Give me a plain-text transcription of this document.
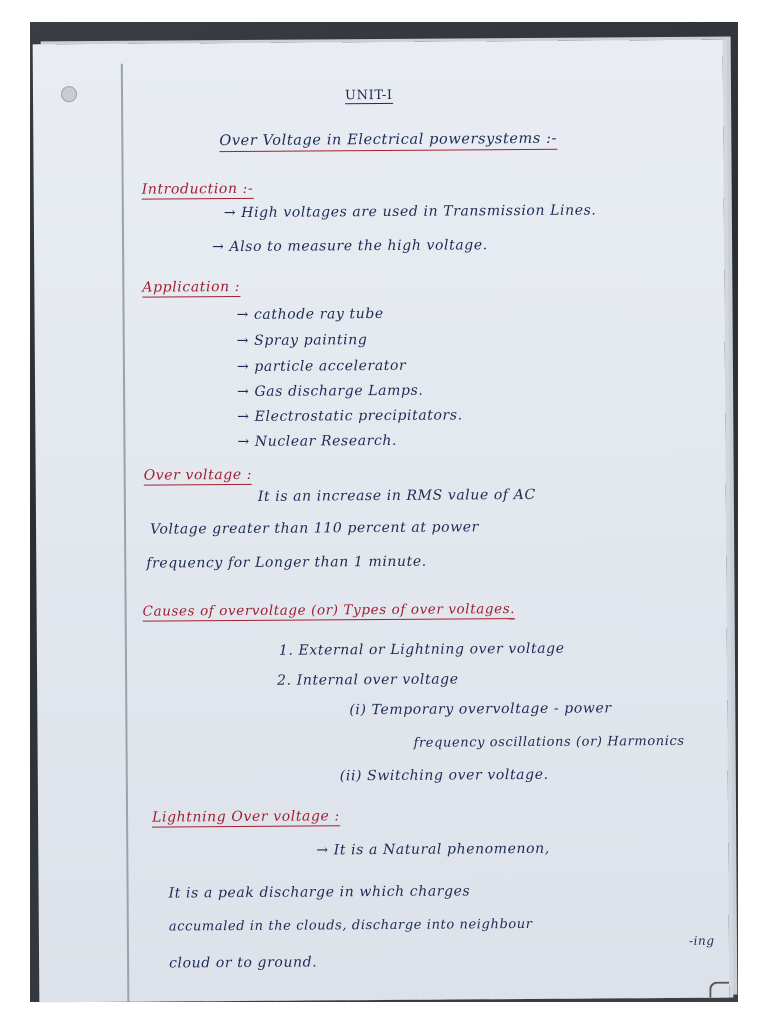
UNIT-I
Over Voltage in Electrical powersystems :-
Introduction :-
→ High voltages are used in Transmission Lines.
→ Also to measure the high voltage.
Application :
→ cathode ray tube
→ Spray painting
→ particle accelerator
→ Gas discharge Lamps.
→ Electrostatic precipitators.
→ Nuclear Research.
Over voltage :
It is an increase in RMS value of AC
Voltage greater than 110 percent at power
frequency for Longer than 1 minute.
Causes of overvoltage (or) Types of over voltages.
1. External or Lightning over voltage
2. Internal over voltage
(i) Temporary overvoltage - power
frequency oscillations (or) Harmonics
(ii) Switching over voltage.
Lightning Over voltage :
→ It is a Natural phenomenon,
It is a peak discharge in which charges
accumaled in the clouds, discharge into neighbour
-ing
cloud or to ground.
